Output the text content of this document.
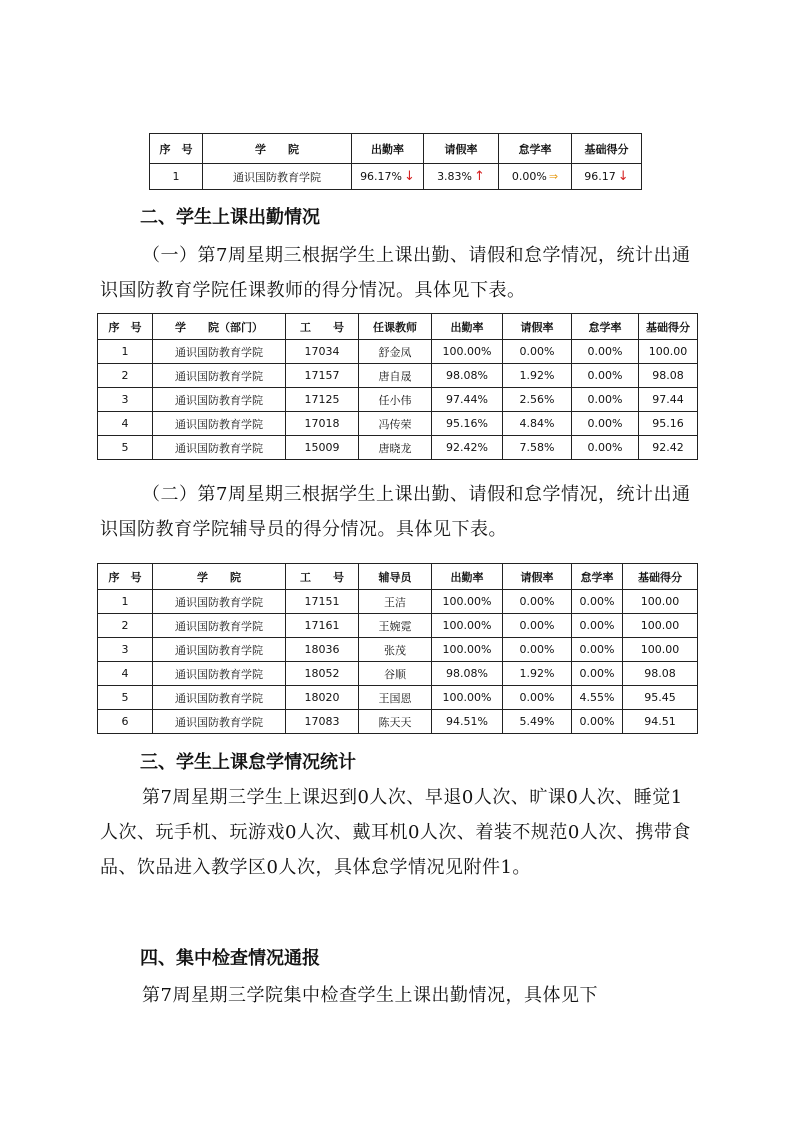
序　号	学　　院	出勤率	请假率	怠学率	基础得分
1	通识国防教育学院	96.17% ↓	3.83% ↑	0.00% ⇒	96.17 ↓
二、学生上课出勤情况

（一）第7周星期三根据学生上课出勤、请假和怠学情况，统计出通识国防教育学院任课教师的得分情况。具体见下表。

序　号	学　　院（部门）	工　　号	任课教师	出勤率	请假率	怠学率	基础得分
1	通识国防教育学院	17034	舒金凤	100.00%	0.00%	0.00%	100.00
2	通识国防教育学院	17157	唐自晟	98.08%	1.92%	0.00%	98.08
3	通识国防教育学院	17125	任小伟	97.44%	2.56%	0.00%	97.44
4	通识国防教育学院	17018	冯传荣	95.16%	4.84%	0.00%	95.16
5	通识国防教育学院	15009	唐晓龙	92.42%	7.58%	0.00%	92.42

（二）第7周星期三根据学生上课出勤、请假和怠学情况，统计出通识国防教育学院辅导员的得分情况。具体见下表。

序　号	学　　院	工　　号	辅导员	出勤率	请假率	怠学率	基础得分
1	通识国防教育学院	17151	王洁	100.00%	0.00%	0.00%	100.00
2	通识国防教育学院	17161	王婉霓	100.00%	0.00%	0.00%	100.00
3	通识国防教育学院	18036	张茂	100.00%	0.00%	0.00%	100.00
4	通识国防教育学院	18052	谷顺	98.08%	1.92%	0.00%	98.08
5	通识国防教育学院	18020	王国恩	100.00%	0.00%	4.55%	95.45
6	通识国防教育学院	17083	陈天天	94.51%	5.49%	0.00%	94.51
三、学生上课怠学情况统计

第7周星期三学生上课迟到0人次、早退0人次、旷课0人次、睡觉1人次、玩手机、玩游戏0人次、戴耳机0人次、着装不规范0人次、携带食品、饮品进入教学区0人次，具体怠学情况见附件1。

四、集中检查情况通报

第7周星期三学院集中检查学生上课出勤情况，具体见下
